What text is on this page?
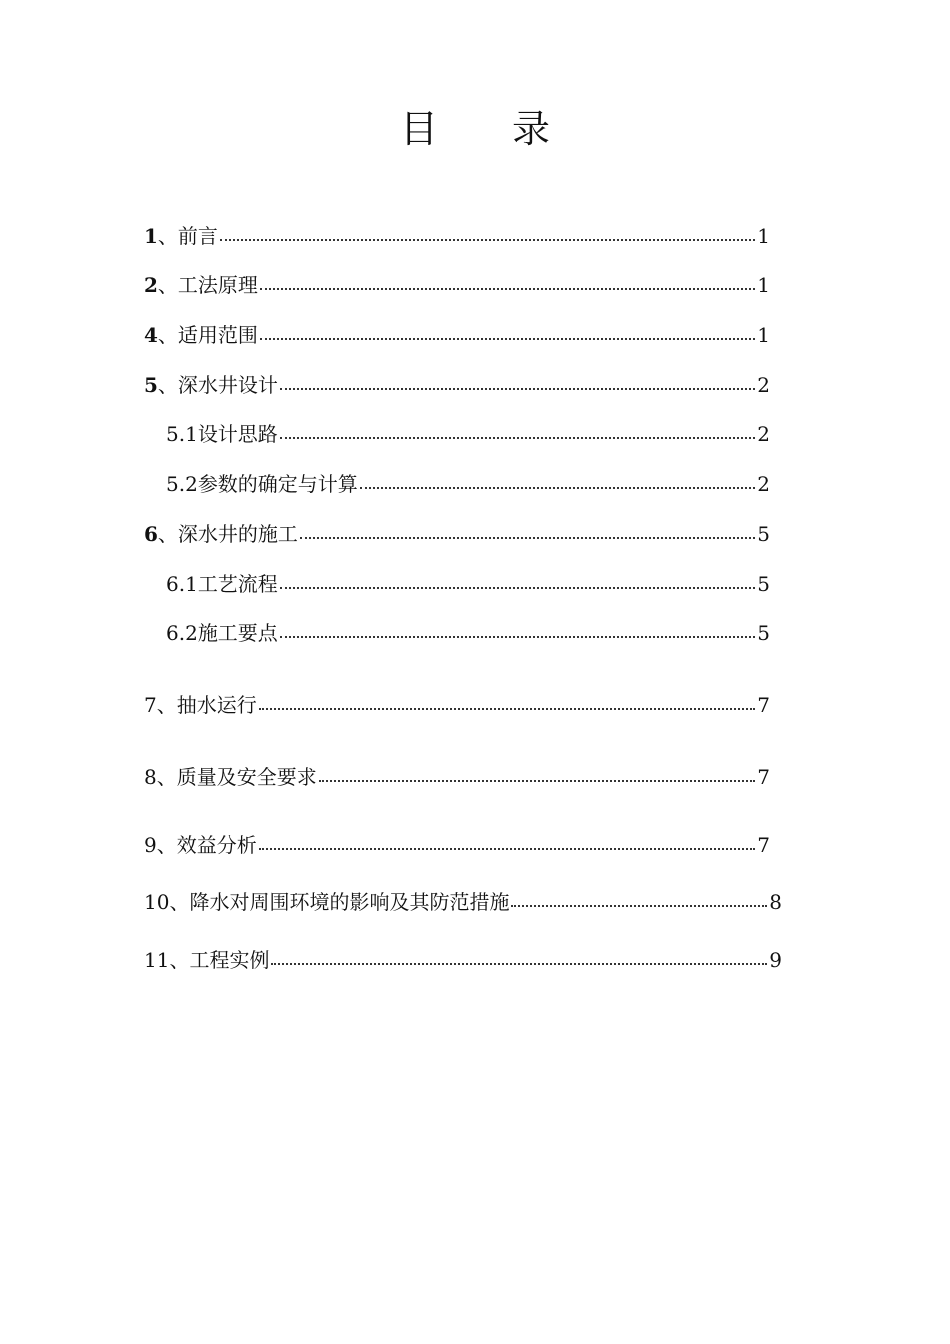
目 录
1 、 前言	1
2 、 工法原理	1
4 、 适用范围	1
5 、 深水井设计	2
5.1 设计思路	2
5.2 参数的确定与计算	2
6 、 深水井的施工	5
6.1 工艺流程	5
6.2 施工要点	5
7 、 抽水运行	7
8 、 质量及安全要求	7
9 、 效益分析	7
10 、 降水对周围环境的影响及其防范措施	8
11 、 工程实例	9
